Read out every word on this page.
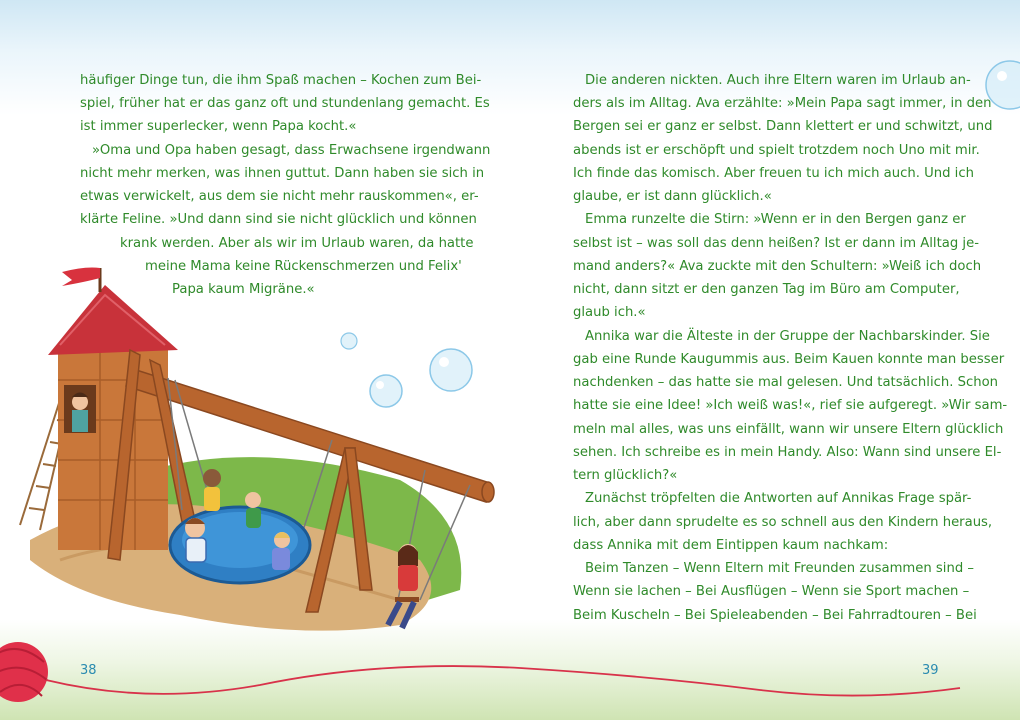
häufiger Dinge tun, die ihm Spaß machen – Kochen zum Bei-
spiel, früher hat er das ganz oft und stundenlang gemacht. Es
ist immer superlecker, wenn Papa kocht.«
»Oma und Opa haben gesagt, dass Erwachsene irgendwann
nicht mehr merken, was ihnen guttut. Dann haben sie sich in
etwas verwickelt, aus dem sie nicht mehr rauskommen«, er-
klärte Feline. »Und dann sind sie nicht glücklich und können
krank werden. Aber als wir im Urlaub waren, da hatte
meine Mama keine Rückenschmerzen und Felix'
Papa kaum Migräne.«
Die anderen nickten. Auch ihre Eltern waren im Urlaub an-
ders als im Alltag. Ava erzählte: »Mein Papa sagt immer, in den
Bergen sei er ganz er selbst. Dann klettert er und schwitzt, und
abends ist er erschöpft und spielt trotzdem noch Uno mit mir.
Ich finde das komisch. Aber freuen tu ich mich auch. Und ich
glaube, er ist dann glücklich.«
Emma runzelte die Stirn: »Wenn er in den Bergen ganz er
selbst ist – was soll das denn heißen? Ist er dann im Alltag je-
mand anders?« Ava zuckte mit den Schultern: »Weiß ich doch
nicht, dann sitzt er den ganzen Tag im Büro am Computer,
glaub ich.«
Annika war die Älteste in der Gruppe der Nachbarskinder. Sie
gab eine Runde Kaugummis aus. Beim Kauen konnte man besser
nachdenken – das hatte sie mal gelesen. Und tatsächlich. Schon
hatte sie eine Idee! »Ich weiß was!«, rief sie aufgeregt. »Wir sam-
meln mal alles, was uns einfällt, wann wir unsere Eltern glücklich
sehen. Ich schreibe es in mein Handy. Also: Wann sind unsere El-
tern glücklich?«
Zunächst tröpfelten die Antworten auf Annikas Frage spär-
lich, aber dann sprudelte es so schnell aus den Kindern heraus,
dass Annika mit dem Eintippen kaum nachkam:
Beim Tanzen – Wenn Eltern mit Freunden zusammen sind –
Wenn sie lachen – Bei Ausflügen – Wenn sie Sport machen –
Beim Kuscheln – Bei Spieleabenden – Bei Fahrradtouren – Bei
38	39
